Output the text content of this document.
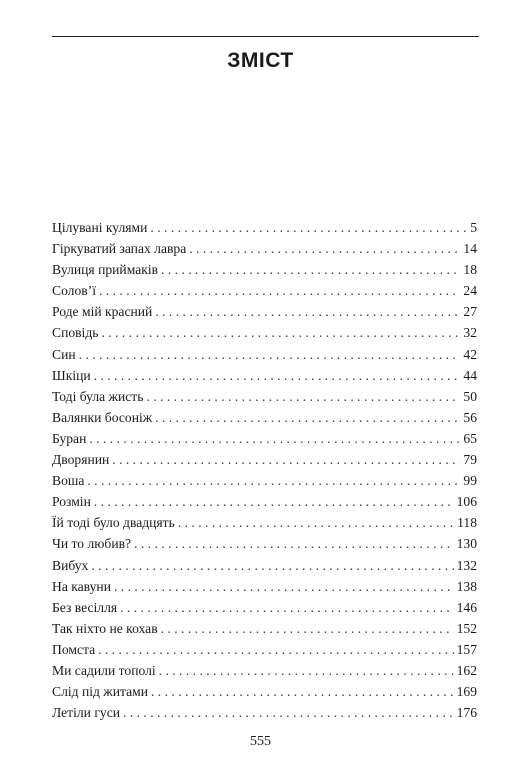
ЗМІСТ
Цілувані кулями . . .	5
Гіркуватий запах лавра . . .	14
Вулиця приймаків . . .	18
Солов’ї . . .	24
Роде мій красний . . .	27
Сповідь . . .	32
Син . . .	42
Шкіци . . .	44
Тоді була жисть . . .	50
Валянки босоніж . . .	56
Буран . . .	65
Дворянин . . .	79
Воша . . .	99
Розмін . . .	106
Їй тоді було двадцять . . .	118
Чи то любив? . . .	130
Вибух . . .	132
На кавуни . . .	138
Без весілля . . .	146
Так ніхто не кохав . . .	152
Помста . . .	157
Ми садили тополі . . .	162
Слід під житами . . .	169
Летіли гуси . . .	176
555
